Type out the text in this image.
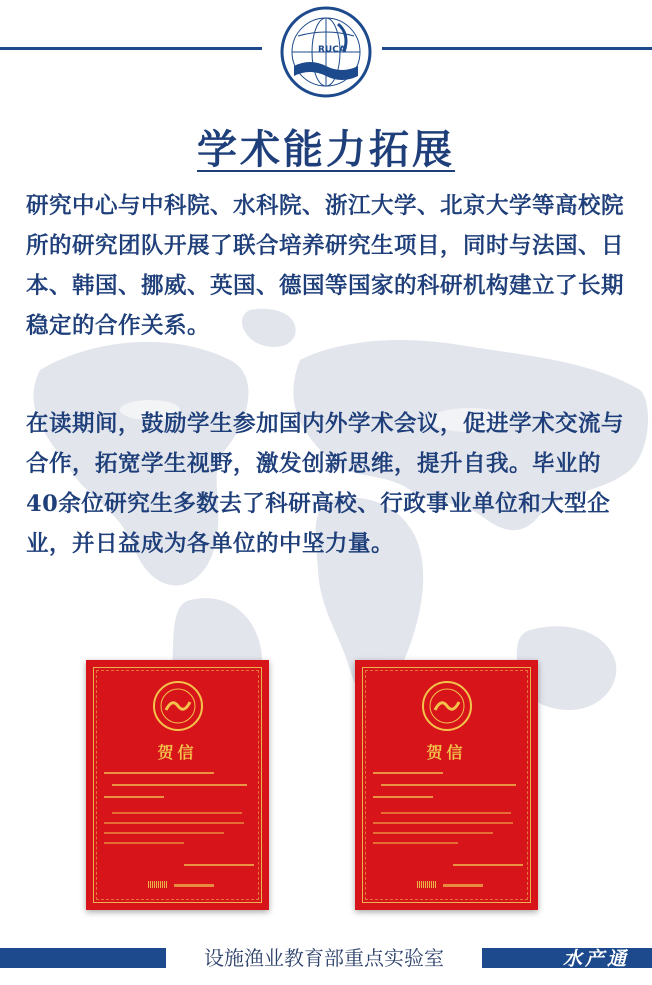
RUCA
学术能力拓展

研究中心与中科院、水科院、浙江大学、北京大学等高校院所的研究团队开展了联合培养研究生项目，同时与法国、日本、韩国、挪威、英国、德国等国家的科研机构建立了长期稳定的合作关系。

在读期间，鼓励学生参加国内外学术会议，促进学术交流与合作，拓宽学生视野，激发创新思维，提升自我。毕业的40余位研究生多数去了科研高校、行政事业单位和大型企业，并日益成为各单位的中坚力量。

贺信	贺信
设施渔业教育部重点实验室	水产通
